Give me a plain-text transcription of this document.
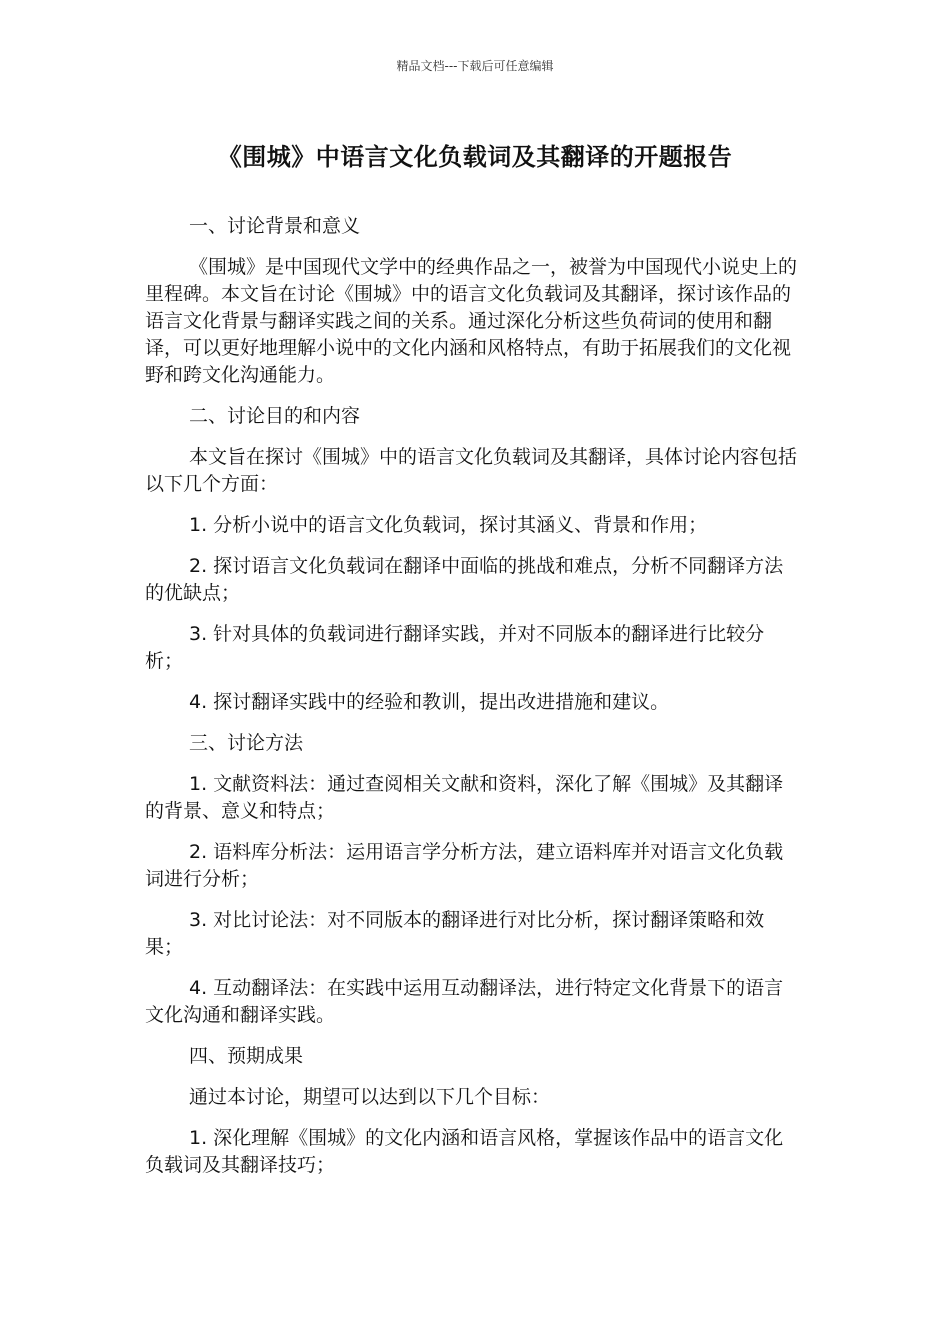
精品文档---下载后可任意编辑
《围城》中语言文化负载词及其翻译的开题报告

一、讨论背景和意义

《围城》是中国现代文学中的经典作品之一，被誉为中国现代小说史上的里程碑。本文旨在讨论《围城》中的语言文化负载词及其翻译，探讨该作品的语言文化背景与翻译实践之间的关系。通过深化分析这些负荷词的使用和翻译，可以更好地理解小说中的文化内涵和风格特点，有助于拓展我们的文化视野和跨文化沟通能力。

二、讨论目的和内容

本文旨在探讨《围城》中的语言文化负载词及其翻译，具体讨论内容包括以下几个方面：

1. 分析小说中的语言文化负载词，探讨其涵义、背景和作用；

2. 探讨语言文化负载词在翻译中面临的挑战和难点，分析不同翻译方法的优缺点；

3. 针对具体的负载词进行翻译实践，并对不同版本的翻译进行比较分析；

4. 探讨翻译实践中的经验和教训，提出改进措施和建议。

三、讨论方法

1. 文献资料法：通过查阅相关文献和资料，深化了解《围城》及其翻译的背景、意义和特点；

2. 语料库分析法：运用语言学分析方法，建立语料库并对语言文化负载词进行分析；

3. 对比讨论法：对不同版本的翻译进行对比分析，探讨翻译策略和效果；

4. 互动翻译法：在实践中运用互动翻译法，进行特定文化背景下的语言文化沟通和翻译实践。

四、预期成果

通过本讨论，期望可以达到以下几个目标：

1. 深化理解《围城》的文化内涵和语言风格，掌握该作品中的语言文化负载词及其翻译技巧；
